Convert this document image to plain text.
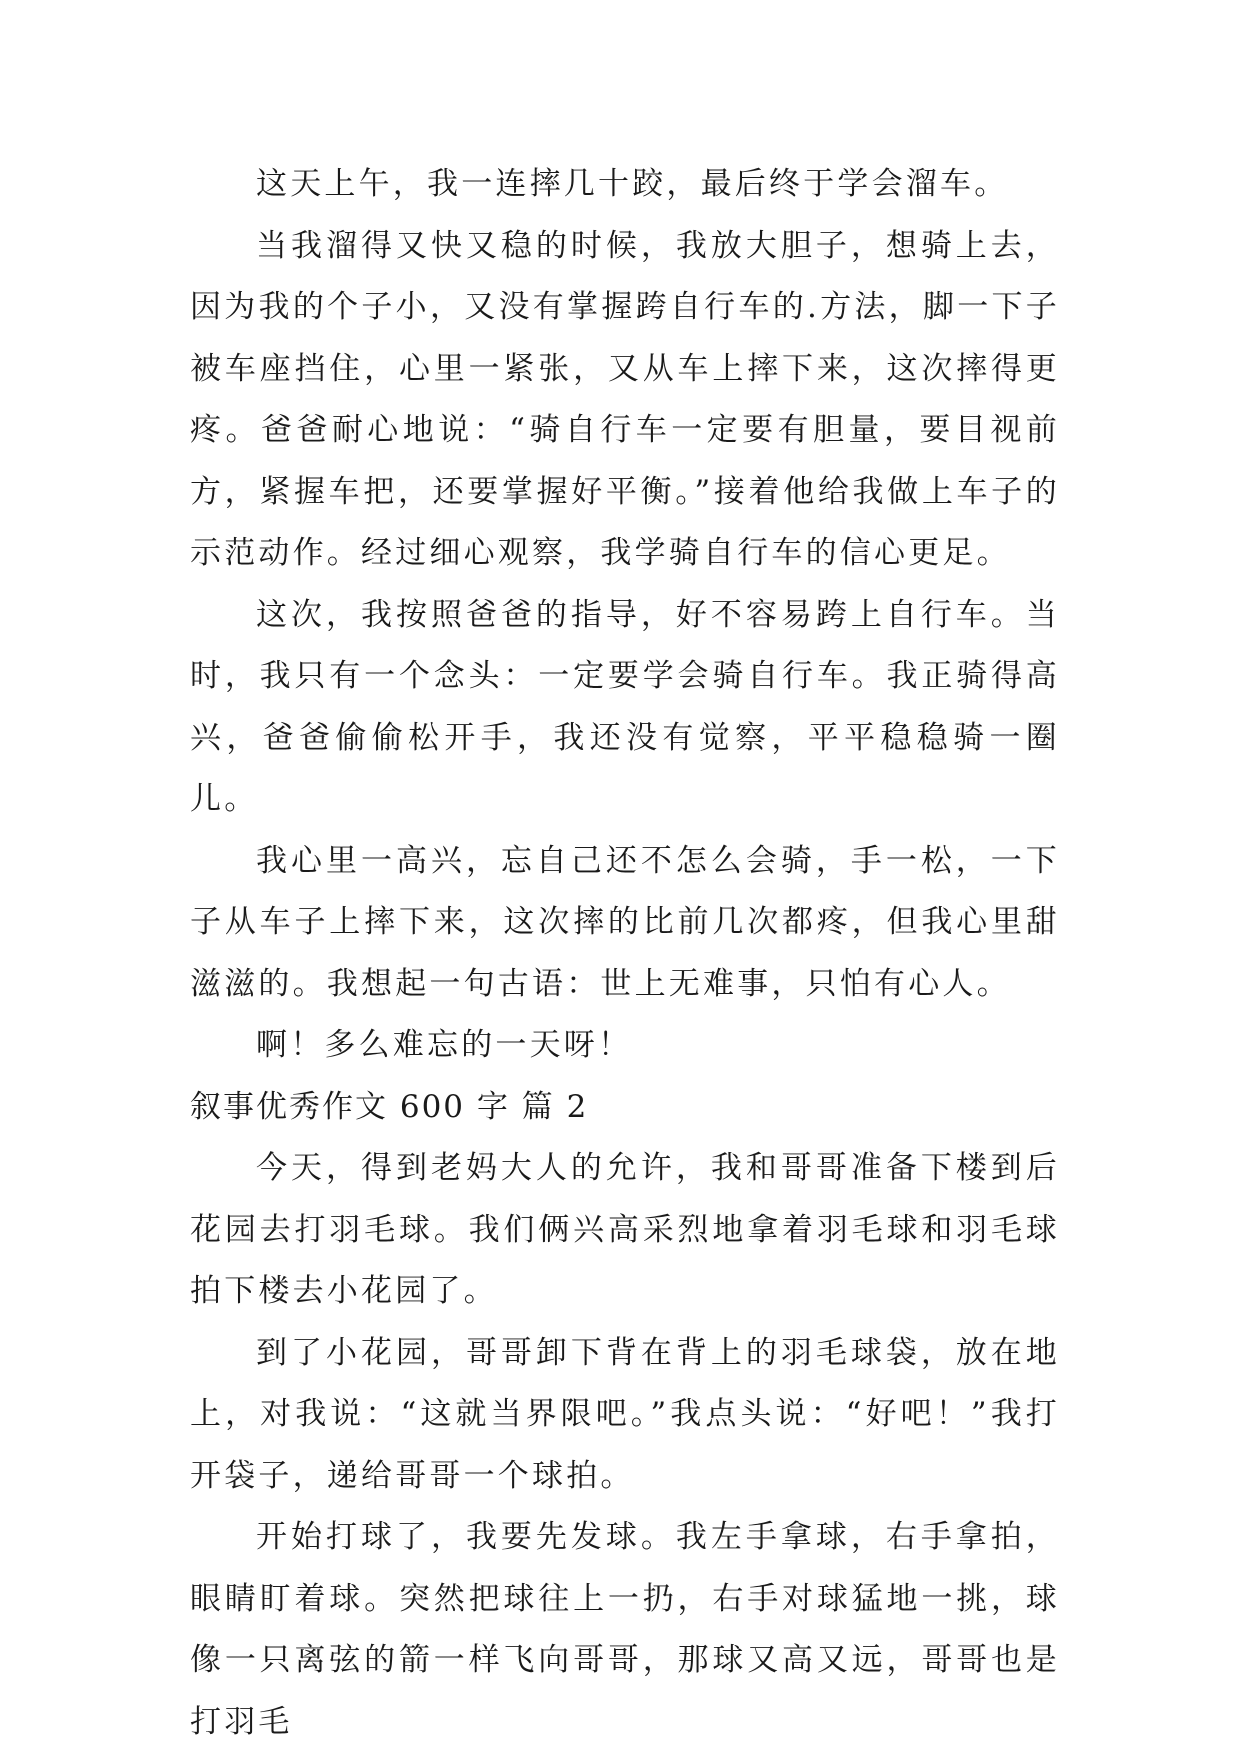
这天上午，我一连摔几十跤，最后终于学会溜车。

当我溜得又快又稳的时候，我放大胆子，想骑上去，因为我的个子小，又没有掌握跨自行车的.方法，脚一下子被车座挡住，心里一紧张，又从车上摔下来，这次摔得更疼。爸爸耐心地说：“骑自行车一定要有胆量，要目视前方，紧握车把，还要掌握好平衡。”接着他给我做上车子的示范动作。经过细心观察，我学骑自行车的信心更足。

这次，我按照爸爸的指导，好不容易跨上自行车。当时，我只有一个念头：一定要学会骑自行车。我正骑得高兴，爸爸偷偷松开手，我还没有觉察，平平稳稳骑一圈儿。

我心里一高兴，忘自己还不怎么会骑，手一松，一下子从车子上摔下来，这次摔的比前几次都疼，但我心里甜滋滋的。我想起一句古语：世上无难事，只怕有心人。

啊！多么难忘的一天呀！

叙事优秀作文 600 字 篇 2

今天，得到老妈大人的允许，我和哥哥准备下楼到后花园去打羽毛球。我们俩兴高采烈地拿着羽毛球和羽毛球拍下楼去小花园了。

到了小花园，哥哥卸下背在背上的羽毛球袋，放在地上，对我说：“这就当界限吧。”我点头说：“好吧！”我打开袋子，递给哥哥一个球拍。

开始打球了，我要先发球。我左手拿球，右手拿拍，眼睛盯着球。突然把球往上一扔，右手对球猛地一挑，球像一只离弦的箭一样飞向哥哥，那球又高又远，哥哥也是打羽毛
